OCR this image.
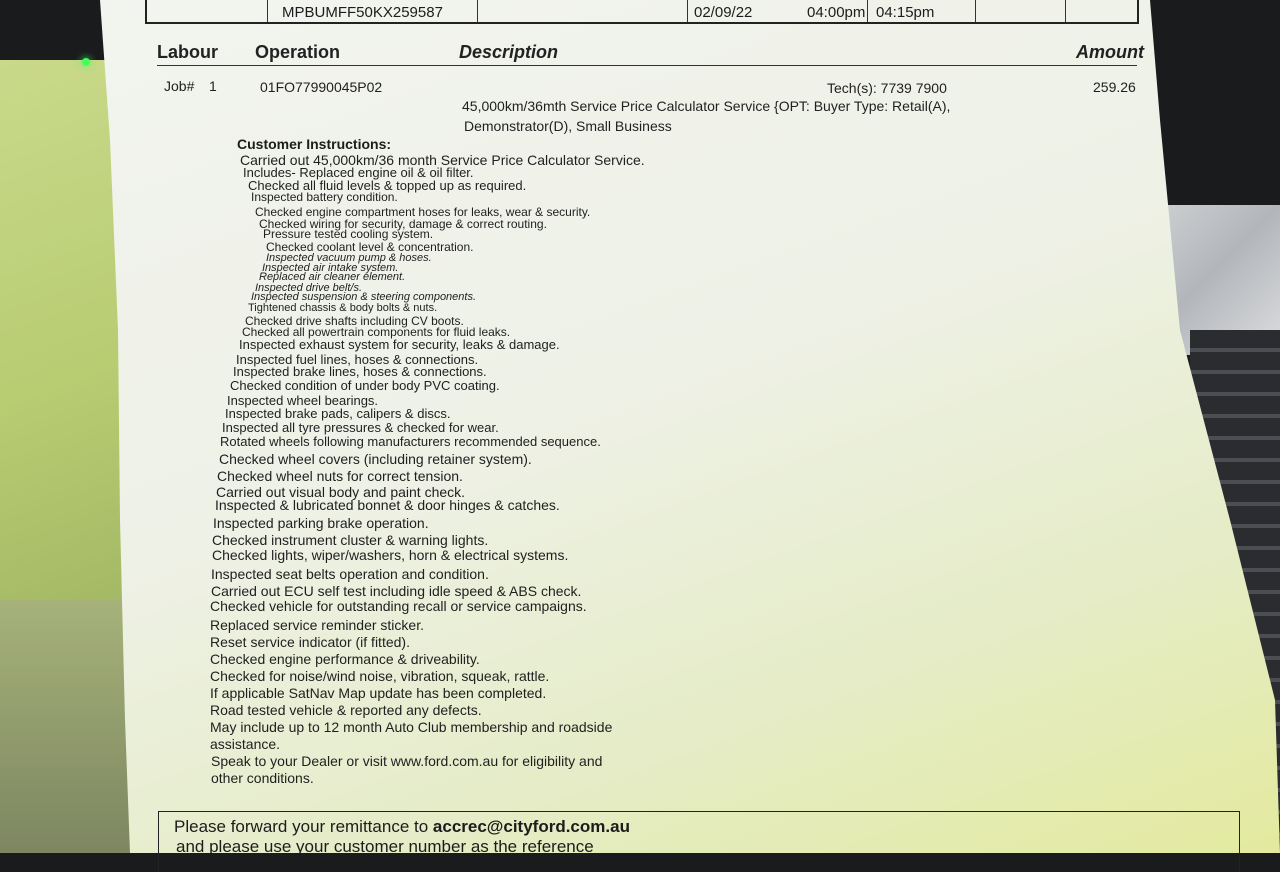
MPBUMFF50KX259587	02/09/22	04:00pm 04:15pm
Labour Operation	Description	Amount
Job# 1	01FO77990045P02	Tech(s): 7739 7900	259.26
45,000km/36mth Service Price Calculator Service {OPT: Buyer Type: Retail(A),
Demonstrator(D), Small Business
Customer Instructions:
Carried out 45,000km/36 month Service Price Calculator Service.
Includes- Replaced engine oil & oil filter.
Checked all fluid levels & topped up as required.
Inspected battery condition.
Checked engine compartment hoses for leaks, wear & security.
Checked wiring for security, damage & correct routing.
Pressure tested cooling system.
Checked coolant level & concentration.
Inspected vacuum pump & hoses.
Inspected air intake system.
Replaced air cleaner element.
Inspected drive belt/s.
Inspected suspension & steering components.
Tightened chassis & body bolts & nuts.
Checked drive shafts including CV boots.
Checked all powertrain components for fluid leaks.
Inspected exhaust system for security, leaks & damage.
Inspected fuel lines, hoses & connections.
Inspected brake lines, hoses & connections.
Checked condition of under body PVC coating.
Inspected wheel bearings.
Inspected brake pads, calipers & discs.
Inspected all tyre pressures & checked for wear.
Rotated wheels following manufacturers recommended sequence.
Checked wheel covers (including retainer system).
Checked wheel nuts for correct tension.
Carried out visual body and paint check.
Inspected & lubricated bonnet & door hinges & catches.
Inspected parking brake operation.
Checked instrument cluster & warning lights.
Checked lights, wiper/washers, horn & electrical systems.
Inspected seat belts operation and condition.
Carried out ECU self test including idle speed & ABS check.
Checked vehicle for outstanding recall or service campaigns.
Replaced service reminder sticker.
Reset service indicator (if fitted).
Checked engine performance & driveability.
Checked for noise/wind noise, vibration, squeak, rattle.
If applicable SatNav Map update has been completed.
Road tested vehicle & reported any defects.
May include up to 12 month Auto Club membership and roadside
assistance.
Speak to your Dealer or visit www.ford.com.au for eligibility and
other conditions.
Please forward your remittance to accrec@cityford.com.au
and please use your customer number as the reference
